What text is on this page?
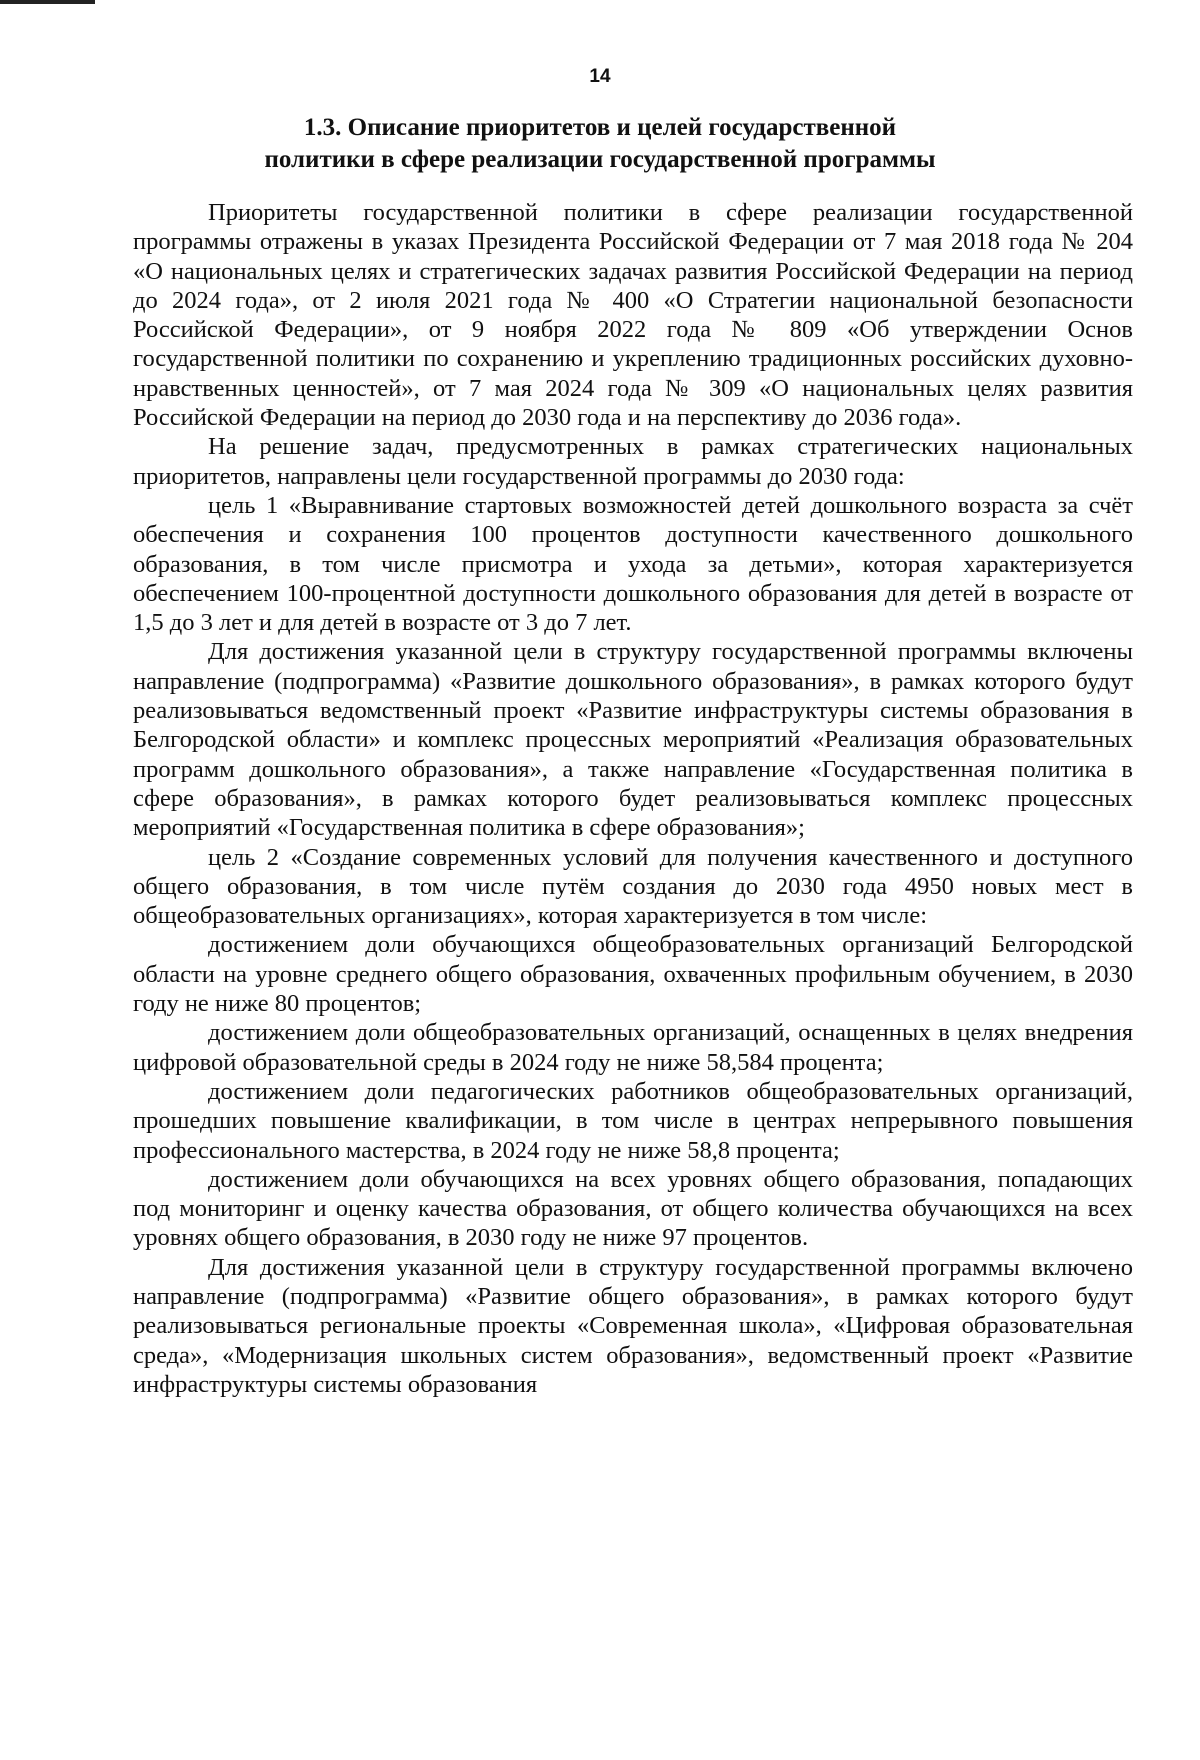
14
1.3. Описание приоритетов и целей государственной
политики в сфере реализации государственной программы

Приоритеты государственной политики в сфере реализации государственной программы отражены в указах Президента Российской Федерации от 7 мая 2018 года № 204 «О национальных целях и стратегических задачах развития Российской Федерации на период до 2024 года», от 2 июля 2021 года № 400 «О Стратегии национальной безопасности Российской Федерации», от 9 ноября 2022 года № 809 «Об утверждении Основ государственной политики по сохранению и укреплению традиционных российских духовно-нравственных ценностей», от 7 мая 2024 года № 309 «О национальных целях развития Российской Федерации на период до 2030 года и на перспективу до 2036 года».

На решение задач, предусмотренных в рамках стратегических национальных приоритетов, направлены цели государственной программы до 2030 года:

цель 1 «Выравнивание стартовых возможностей детей дошкольного возраста за счёт обеспечения и сохранения 100 процентов доступности качественного дошкольного образования, в том числе присмотра и ухода за детьми», которая характеризуется обеспечением 100-процентной доступности дошкольного образования для детей в возрасте от 1,5 до 3 лет и для детей в возрасте от 3 до 7 лет.

Для достижения указанной цели в структуру государственной программы включены направление (подпрограмма) «Развитие дошкольного образования», в рамках которого будут реализовываться ведомственный проект «Развитие инфраструктуры системы образования в Белгородской области» и комплекс процессных мероприятий «Реализация образовательных программ дошкольного образования», а также направление «Государственная политика в сфере образования», в рамках которого будет реализовываться комплекс процессных мероприятий «Государственная политика в сфере образования»;

цель 2 «Создание современных условий для получения качественного и доступного общего образования, в том числе путём создания до 2030 года 4950 новых мест в общеобразовательных организациях», которая характеризуется в том числе:

достижением доли обучающихся общеобразовательных организаций Белгородской области на уровне среднего общего образования, охваченных профильным обучением, в 2030 году не ниже 80 процентов;

достижением доли общеобразовательных организаций, оснащенных в целях внедрения цифровой образовательной среды в 2024 году не ниже 58,584 процента;

достижением доли педагогических работников общеобразовательных организаций, прошедших повышение квалификации, в том числе в центрах непрерывного повышения профессионального мастерства, в 2024 году не ниже 58,8 процента;

достижением доли обучающихся на всех уровнях общего образования, попадающих под мониторинг и оценку качества образования, от общего количества обучающихся на всех уровнях общего образования, в 2030 году не ниже 97 процентов.

Для достижения указанной цели в структуру государственной программы включено направление (подпрограмма) «Развитие общего образования», в рамках которого будут реализовываться региональные проекты «Современная школа», «Цифровая образовательная среда», «Модернизация школьных систем образования», ведомственный проект «Развитие инфраструктуры системы образования
